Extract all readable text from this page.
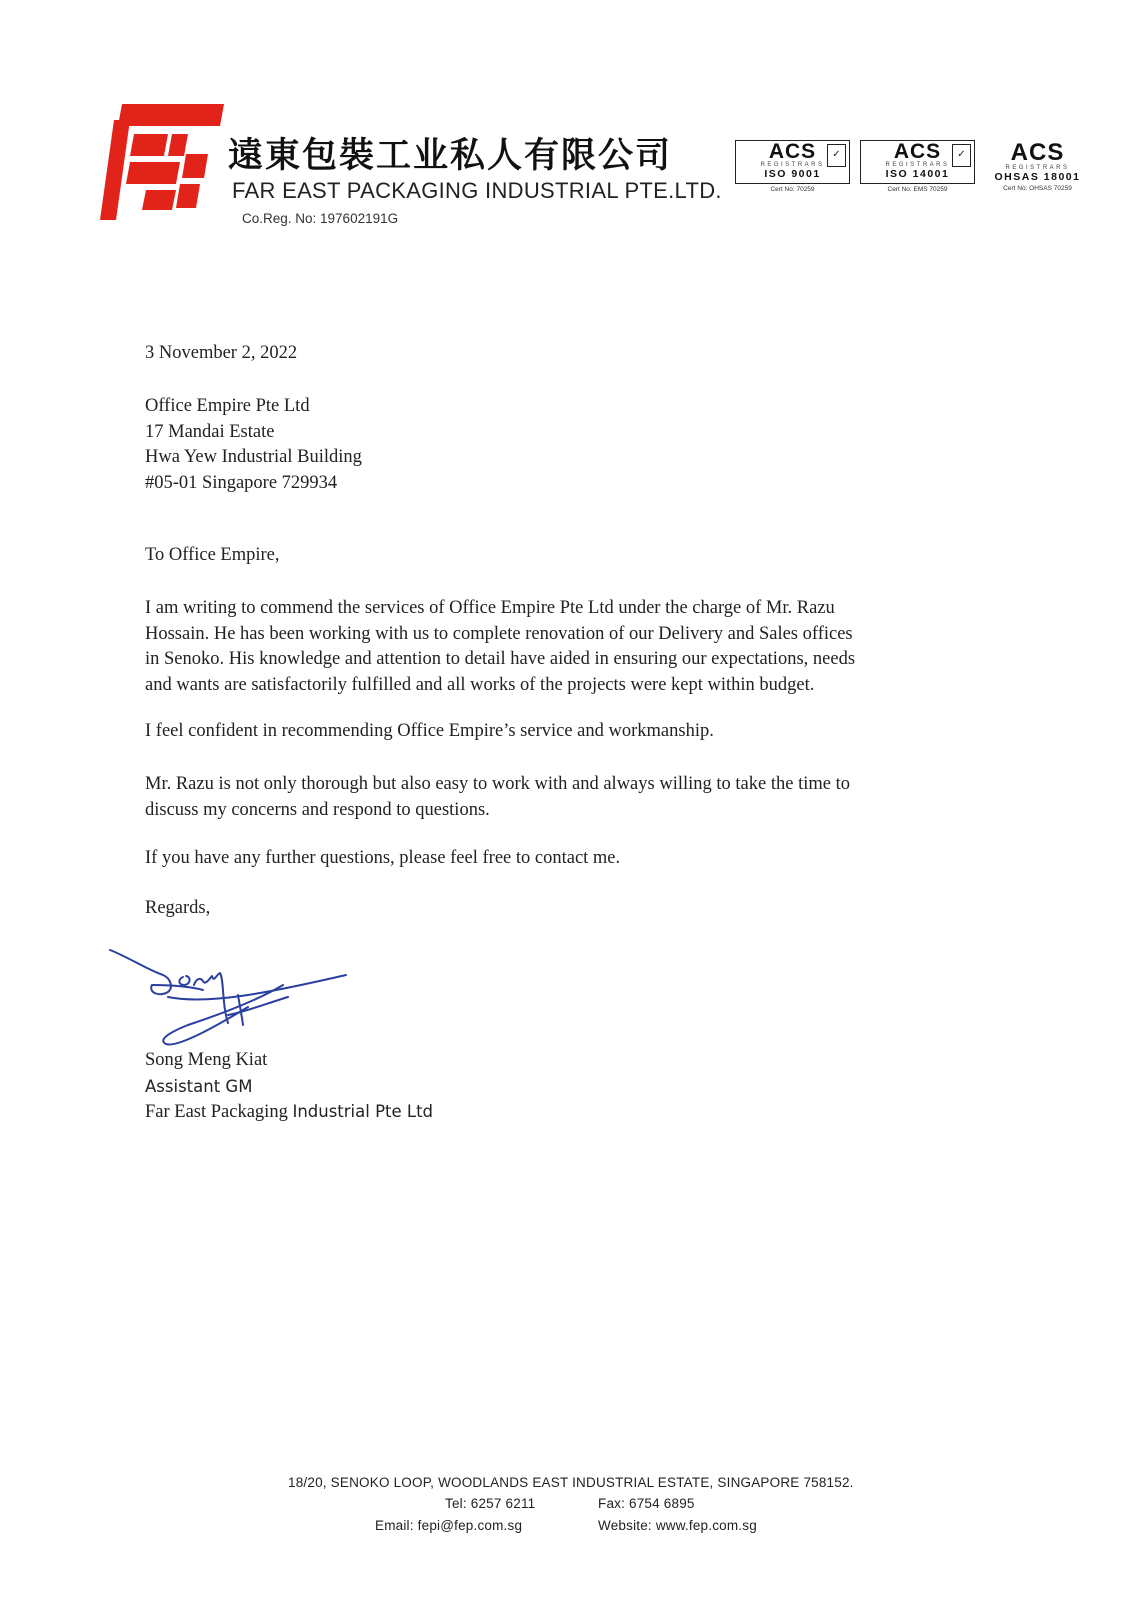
遠東包裝工业私人有限公司
FAR EAST PACKAGING INDUSTRIAL PTE.LTD.
Co.Reg. No: 197602191G
ACS
REGISTRARS
ISO 9001
✓
Cert No: 70259
ACS
REGISTRARS
ISO 14001
✓
Cert No: EMS 70259
ACS
REGISTRARS
OHSAS 18001
Cert No: OHSAS 70259
3 November 2, 2022
Office Empire Pte Ltd
17 Mandai Estate
Hwa Yew Industrial Building
#05-01 Singapore 729934
To Office Empire,
I am writing to commend the services of Office Empire Pte Ltd under the charge of Mr. Razu
Hossain. He has been working with us to complete renovation of our Delivery and Sales offices
in Senoko. His knowledge and attention to detail have aided in ensuring our expectations, needs
and wants are satisfactorily fulfilled and all works of the projects were kept within budget.
I feel confident in recommending Office Empire’s service and workmanship.
Mr. Razu is not only thorough but also easy to work with and always willing to take the time to
discuss my concerns and respond to questions.
If you have any further questions, please feel free to contact me.
Regards,
Song Meng Kiat
Assistant GM
Far East Packaging Industrial Pte Ltd
18/20, SENOKO LOOP, WOODLANDS EAST INDUSTRIAL ESTATE, SINGAPORE 758152.
Tel: 6257 6211	Fax: 6754 6895
Email: fepi@fep.com.sg	Website: www.fep.com.sg
